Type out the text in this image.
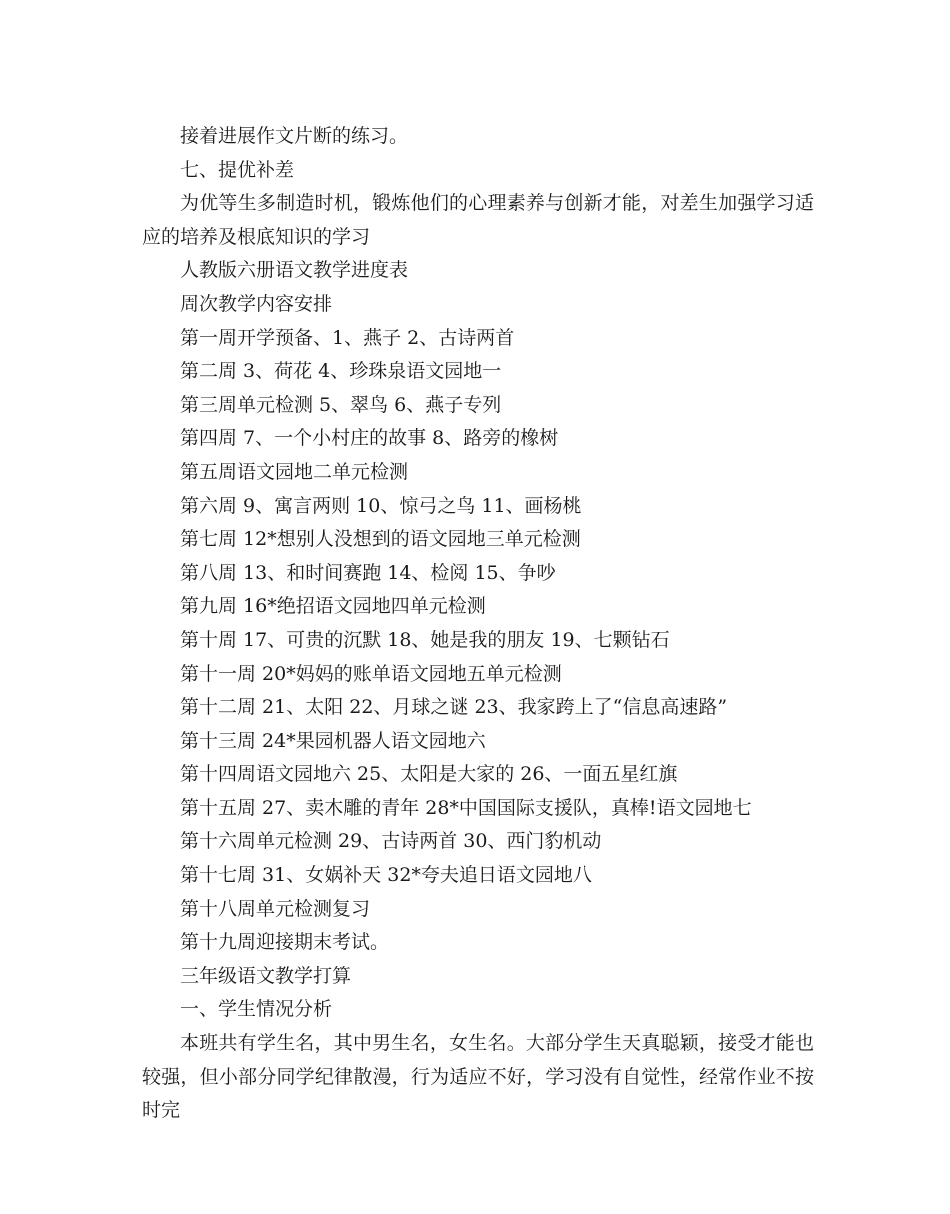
接着进展作文片断的练习。

七、提优补差

为优等生多制造时机，锻炼他们的心理素养与创新才能，对差生加强学习适应的培养及根底知识的学习

人教版六册语文教学进度表

周次教学内容安排

第一周开学预备、1、燕子 2、古诗两首

第二周 3、荷花 4、珍珠泉语文园地一

第三周单元检测 5、翠鸟 6、燕子专列

第四周 7、一个小村庄的故事 8、路旁的橡树

第五周语文园地二单元检测

第六周 9、寓言两则 10、惊弓之鸟 11、画杨桃

第七周 12*想别人没想到的语文园地三单元检测

第八周 13、和时间赛跑 14、检阅 15、争吵

第九周 16*绝招语文园地四单元检测

第十周 17、可贵的沉默 18、她是我的朋友 19、七颗钻石

第十一周 20*妈妈的账单语文园地五单元检测

第十二周 21、太阳 22、月球之谜 23、我家跨上了“信息高速路”

第十三周 24*果园机器人语文园地六

第十四周语文园地六 25、太阳是大家的 26、一面五星红旗

第十五周 27、卖木雕的青年 28*中国国际支援队，真棒!语文园地七

第十六周单元检测 29、古诗两首 30、西门豹机动

第十七周 31、女娲补天 32*夸夫追日语文园地八

第十八周单元检测复习

第十九周迎接期末考试。

三年级语文教学打算

一、学生情况分析

本班共有学生名，其中男生名，女生名。大部分学生天真聪颖，接受才能也较强，但小部分同学纪律散漫，行为适应不好，学习没有自觉性，经常作业不按时完
